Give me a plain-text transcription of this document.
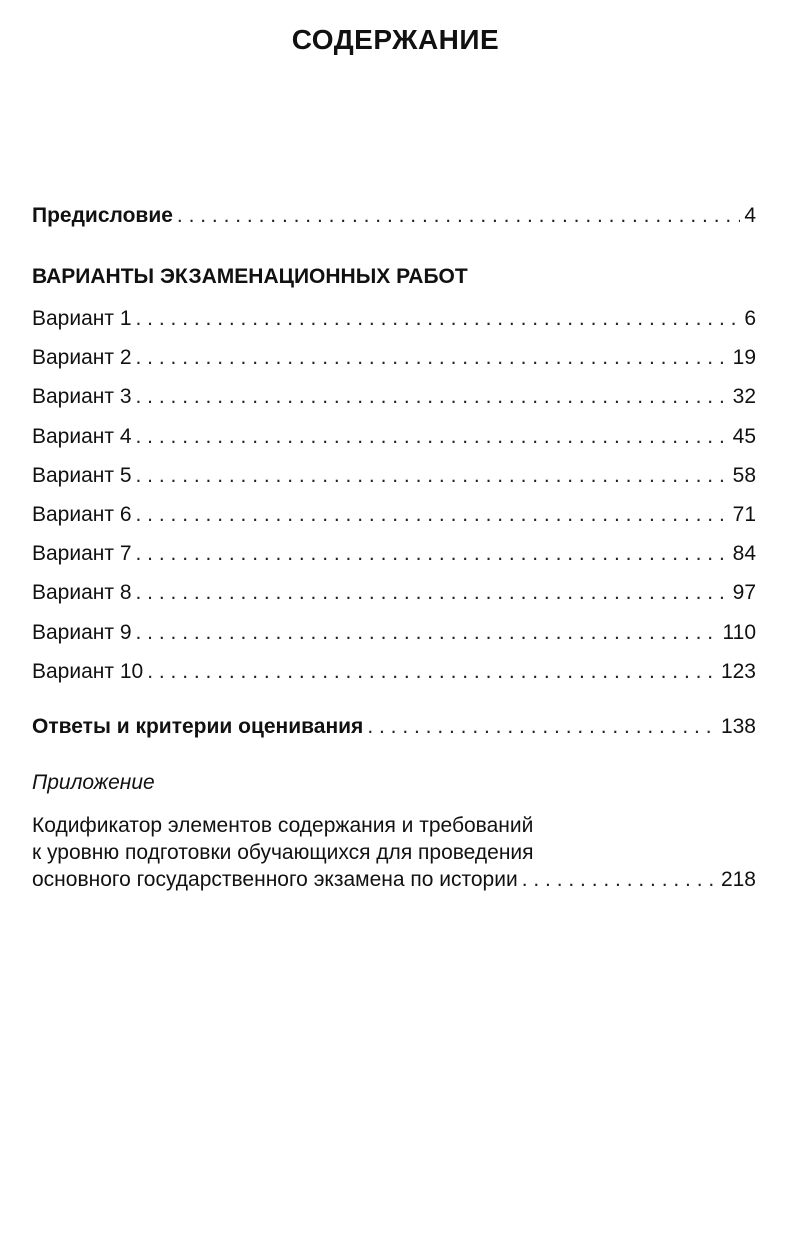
СОДЕРЖАНИЕ
Предисловие . . .	4
ВАРИАНТЫ ЭКЗАМЕНАЦИОННЫХ РАБОТ
Вариант 1 . . .	6
Вариант 2 . . .	19
Вариант 3 . . .	32
Вариант 4 . . .	45
Вариант 5 . . .	58
Вариант 6 . . .	71
Вариант 7 . . .	84
Вариант 8 . . .	97
Вариант 9 . . .	110
Вариант 10 . . .	123
Ответы и критерии оценивания . . .	138
Приложение
Кодификатор элементов содержания и требований
к уровню подготовки обучающихся для проведения
основного государственного экзамена по истории . . .	218
